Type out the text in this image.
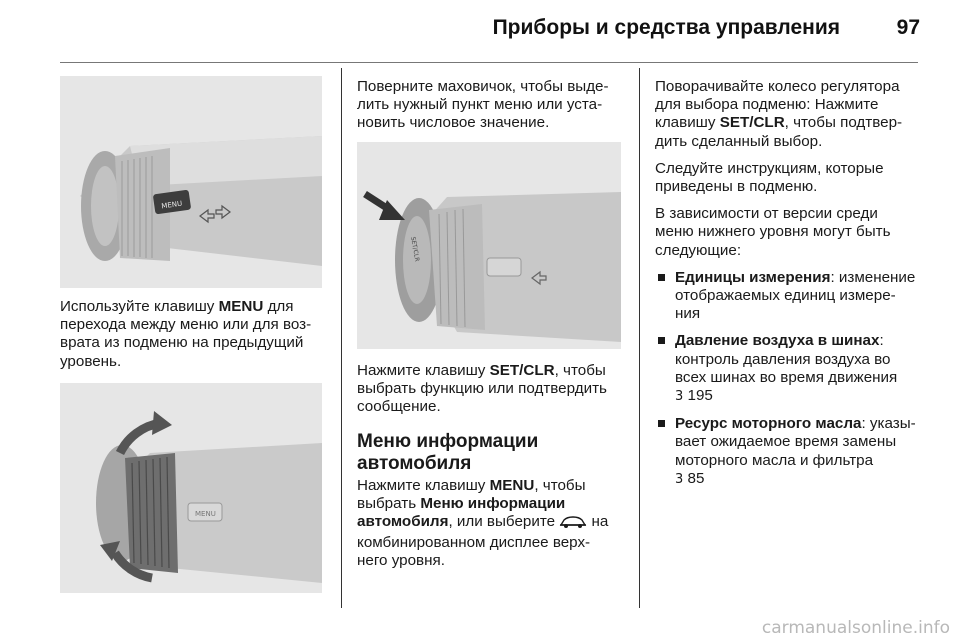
Приборы и средства управления	97
MENU

Используйте клавишу MENU для
перехода между меню или для воз-
врата из подменю на предыдущий
уровень.

MENU

Поверните маховичок, чтобы выде-
лить нужный пункт меню или уста-
новить числовое значение.

SET/CLR

Нажмите клавишу SET/CLR, чтобы
выбрать функцию или подтвердить
сообщение.

Меню информации
автомобиля

Нажмите клавишу MENU, чтобы
выбрать Меню информации
автомобиля, или выберите  на
комбинированном дисплее верх-
него уровня.

Поворачивайте колесо регулятора
для выбора подменю: Нажмите
клавишу SET/CLR, чтобы подтвер-
дить сделанный выбор.

Следуйте инструкциям, которые
приведены в подменю.

В зависимости от версии среди
меню нижнего уровня могут быть
следующие:

Единицы измерения: изменение
отображаемых единиц измере-
ния
Давление воздуха в шинах:
контроль давления воздуха во
всех шинах во время движения
3 195
Ресурс моторного масла: указы-
вает ожидаемое время замены
моторного масла и фильтра
3 85
carmanualsonline.info
